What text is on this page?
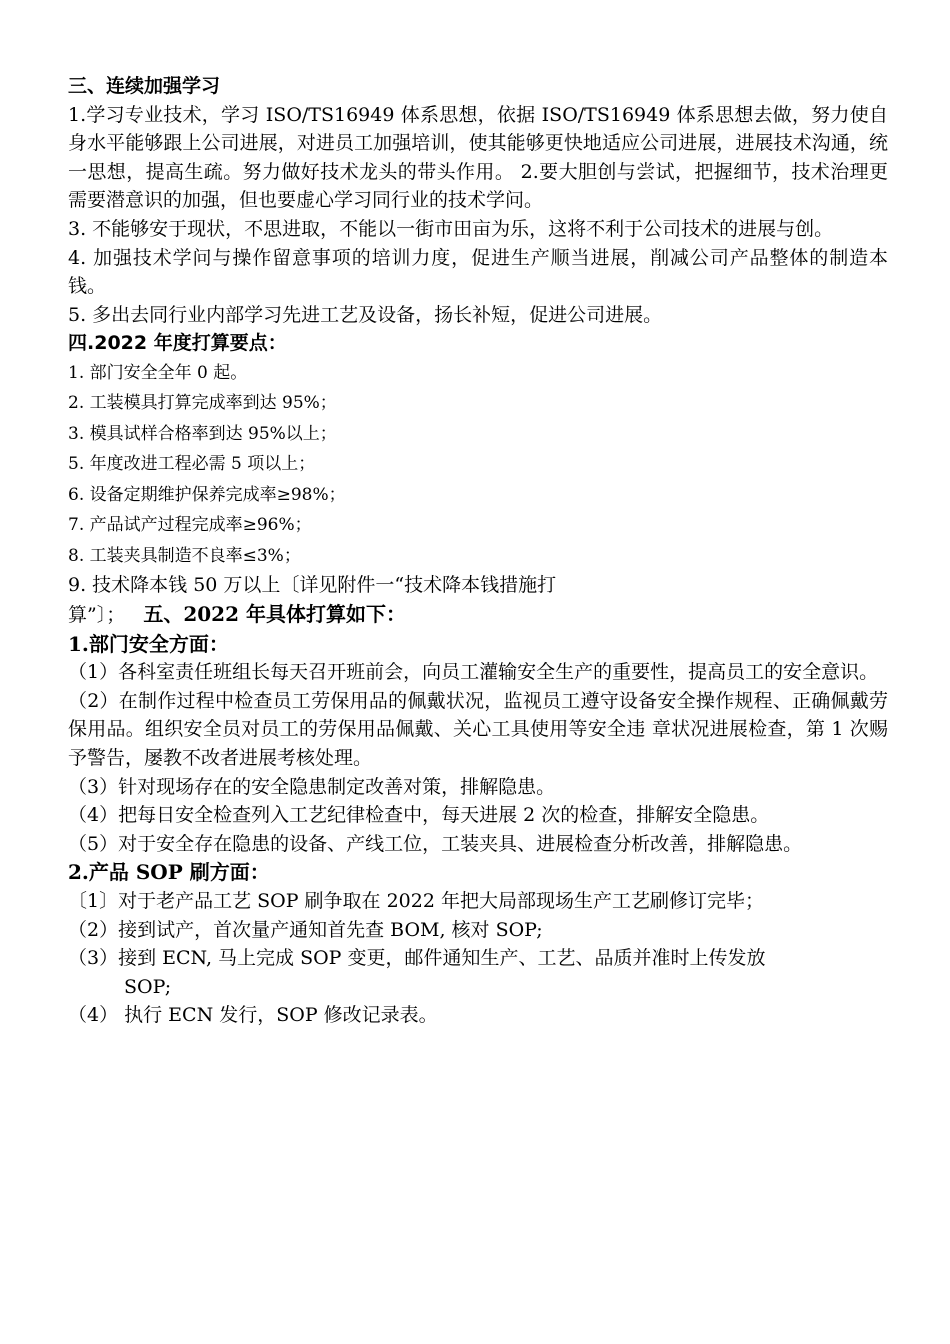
三、连续加强学习

1.学习专业技术，学习 ISO/TS16949 体系思想，依据 ISO/TS16949 体系思想去做，努力使自身水平能够跟上公司进展，对进员工加强培训，使其能够更快地适应公司进展，进展技术沟通，统一思想，提高生疏。努力做好技术龙头的带头作用。 2.要大胆创与尝试，把握细节，技术治理更需要潜意识的加强，但也要虚心学习同行业的技术学问。

3. 不能够安于现状，不思进取，不能以一街市田亩为乐，这将不利于公司技术的进展与创。

4. 加强技术学问与操作留意事项的培训力度，促进生产顺当进展，削减公司产品整体的制造本钱。

5. 多出去同行业内部学习先进工艺及设备，扬长补短，促进公司进展。

四.2022 年度打算要点：

1. 部门安全全年 0 起。

2. 工装模具打算完成率到达 95%；

3. 模具试样合格率到达 95%以上；

5. 年度改进工程必需 5 项以上；

6. 设备定期维护保养完成率≥98%；

7. 产品试产过程完成率≥96%；

8. 工装夹具制造不良率≤3%；

9. 技术降本钱 50 万以上〔详见附件一“技术降本钱措施打

算”〕； 五、2022 年具体打算如下：

1.部门安全方面：

（1）各科室责任班组长每天召开班前会，向员工灌输安全生产的重要性，提高员工的安全意识。

（2）在制作过程中检查员工劳保用品的佩戴状况，监视员工遵守设备安全操作规程、正确佩戴劳保用品。组织安全员对员工的劳保用品佩戴、关心工具使用等安全违 章状况进展检查，第 1 次赐予警告，屡教不改者进展考核处理。

（3）针对现场存在的安全隐患制定改善对策，排解隐患。

（4）把每日安全检查列入工艺纪律检查中，每天进展 2 次的检查，排解安全隐患。

（5）对于安全存在隐患的设备、产线工位，工装夹具、进展检查分析改善，排解隐患。

2.产品 SOP 刷方面：

〔1〕对于老产品工艺 SOP 刷争取在 2022 年把大局部现场生产工艺刷修订完毕；

（2）接到试产，首次量产通知首先查 BOM, 核对 SOP;

（3）接到 ECN, 马上完成 SOP 变更，邮件通知生产、工艺、品质并准时上传发放

SOP;

（4） 执行 ECN 发行，SOP 修改记录表。
